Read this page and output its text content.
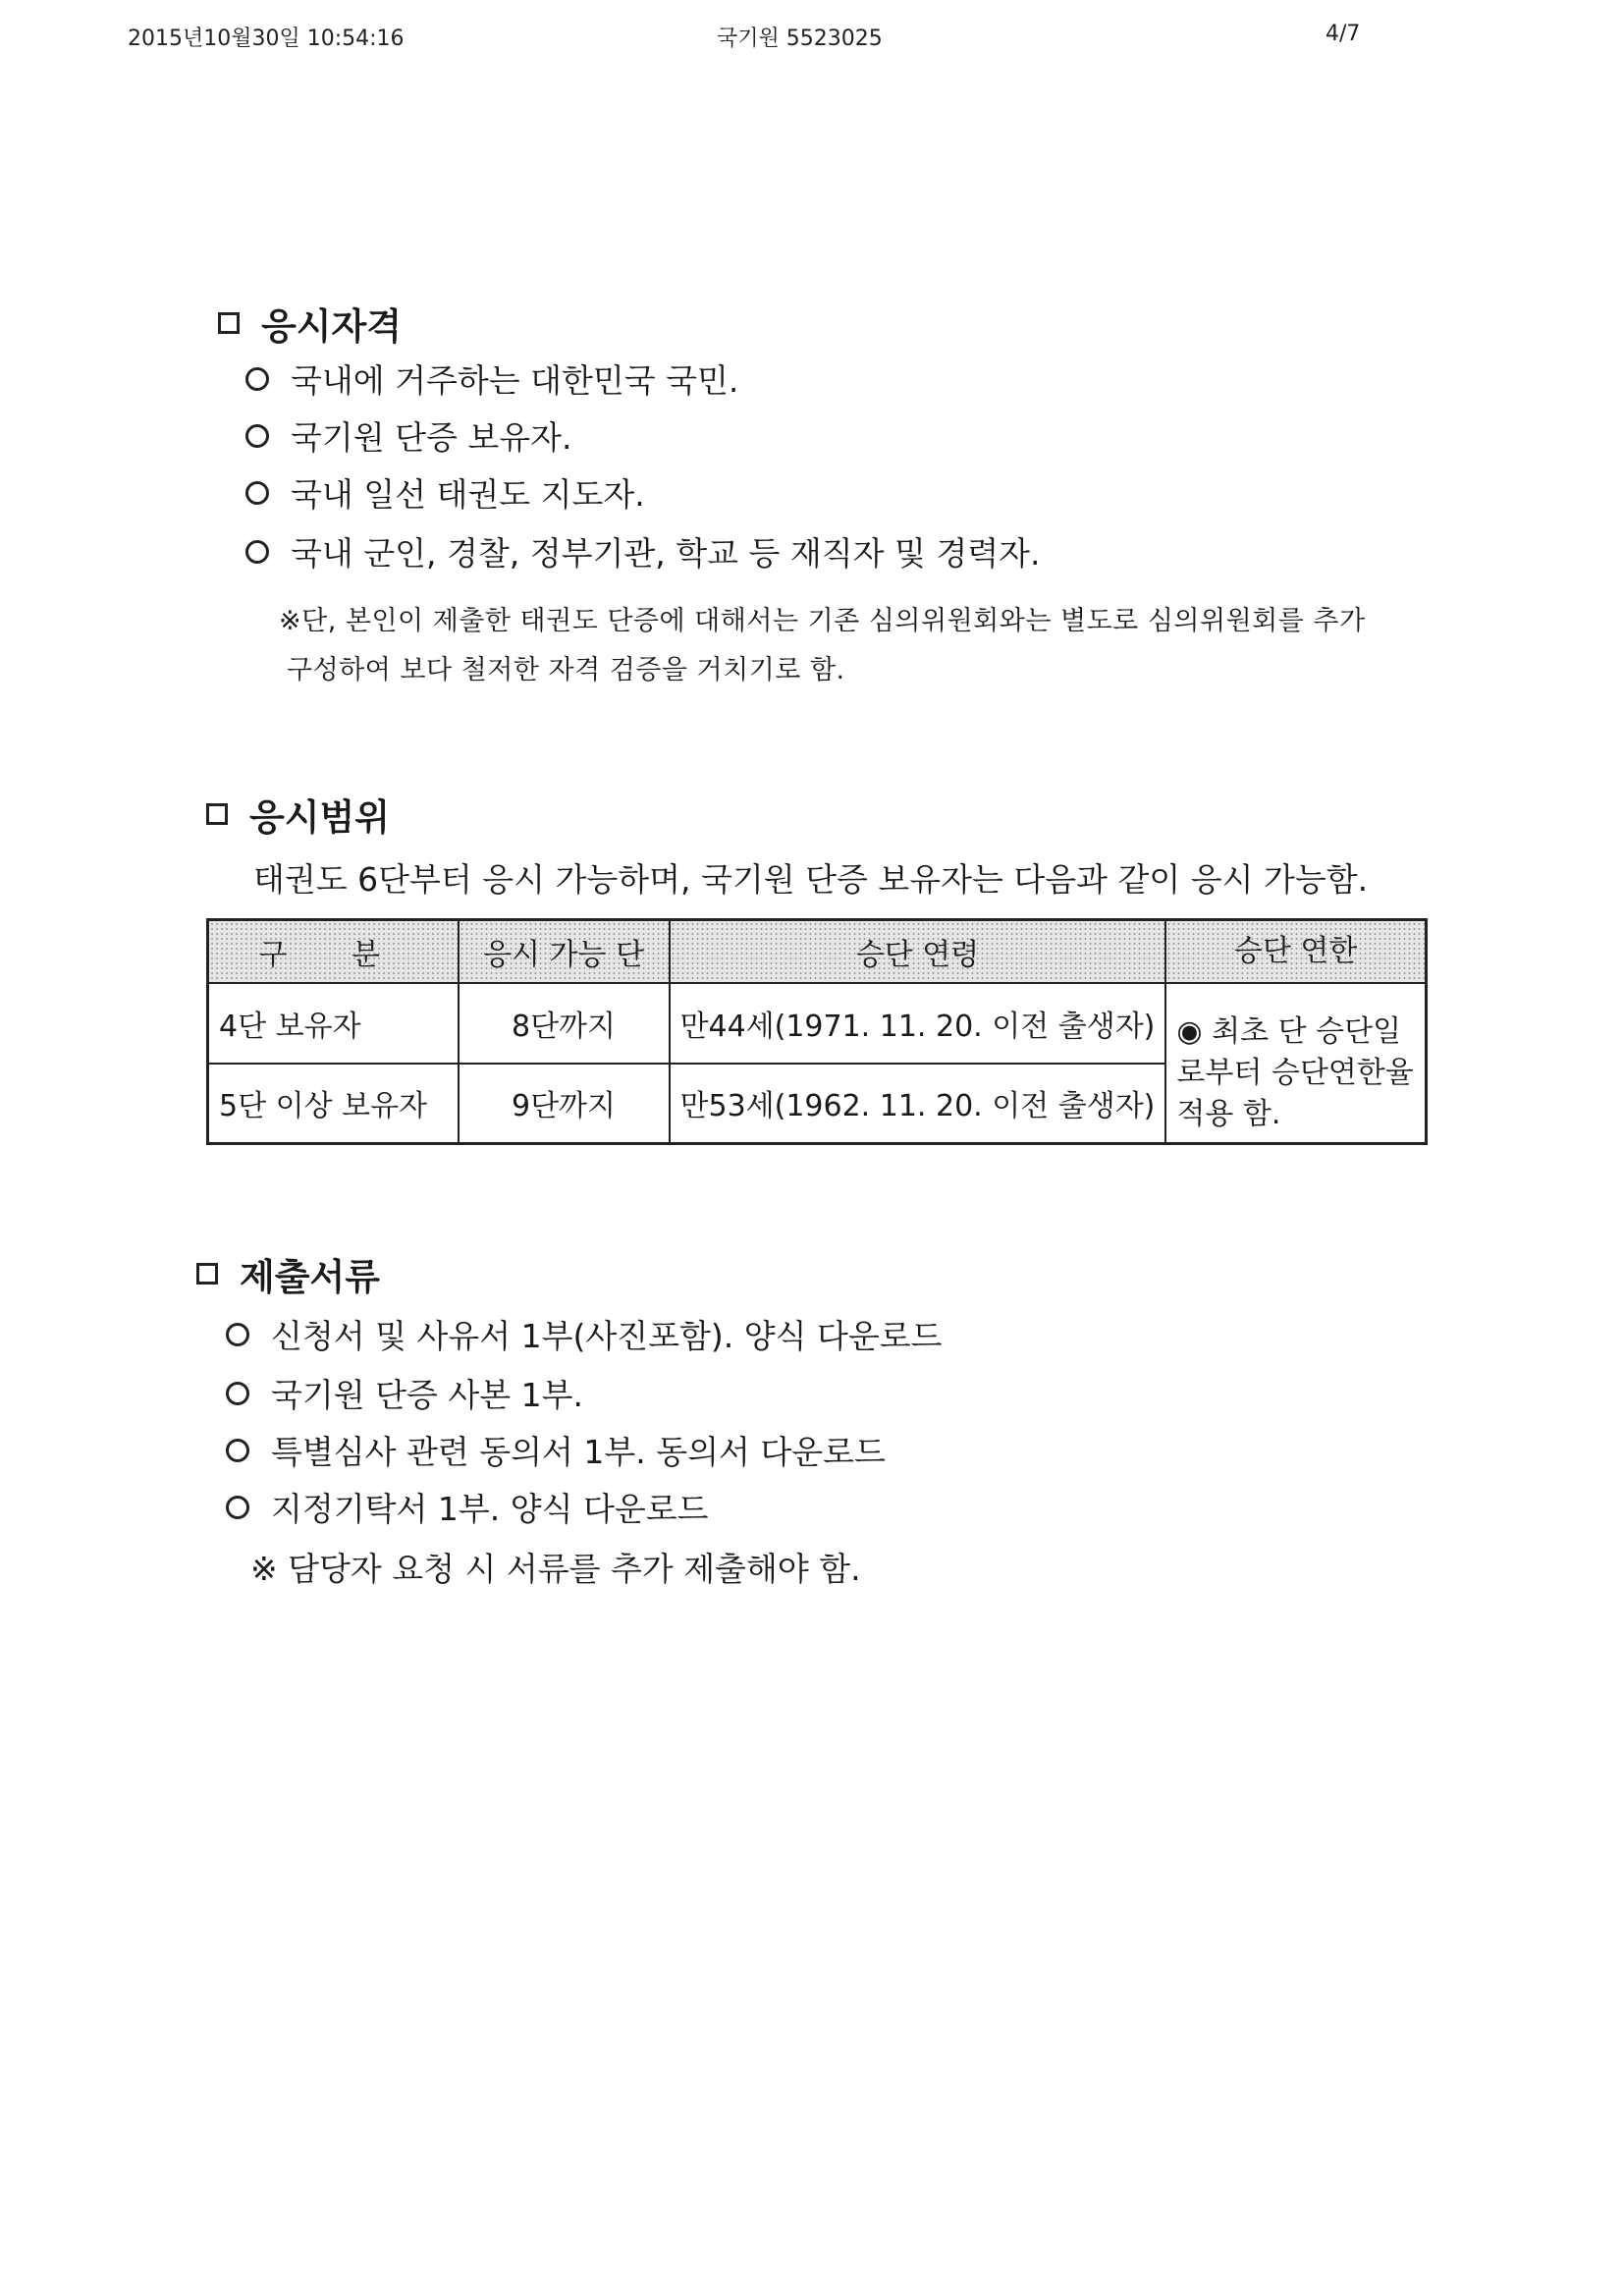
2015년10월30일 10:54:16	국기원 5523025	4/7
응시자격
국내에 거주하는 대한민국 국민.
국기원 단증 보유자.
국내 일선 태권도 지도자.
국내 군인, 경찰, 정부기관, 학교 등 재직자 및 경력자.
※단, 본인이 제출한 태권도 단증에 대해서는 기존 심의위원회와는 별도로 심의위원회를 추가
구성하여 보다 철저한 자격 검증을 거치기로 함.
응시범위
태권도 6단부터 응시 가능하며, 국기원 단증 보유자는 다음과 같이 응시 가능함.
구 분	응시 가능 단	승단 연령	승단 연한
4단 보유자	8단까지	만44세(1971. 11. 20. 이전 출생자)	◉ 최초 단 승단일
로부터 승단연한율
적용 함.

5단 이상 보유자	9단까지	만53세(1962. 11. 20. 이전 출생자)	
제출서류
신청서 및 사유서 1부(사진포함). 양식 다운로드
국기원 단증 사본 1부.
특별심사 관련 동의서 1부. 동의서 다운로드
지정기탁서 1부. 양식 다운로드
※ 담당자 요청 시 서류를 추가 제출해야 함.
